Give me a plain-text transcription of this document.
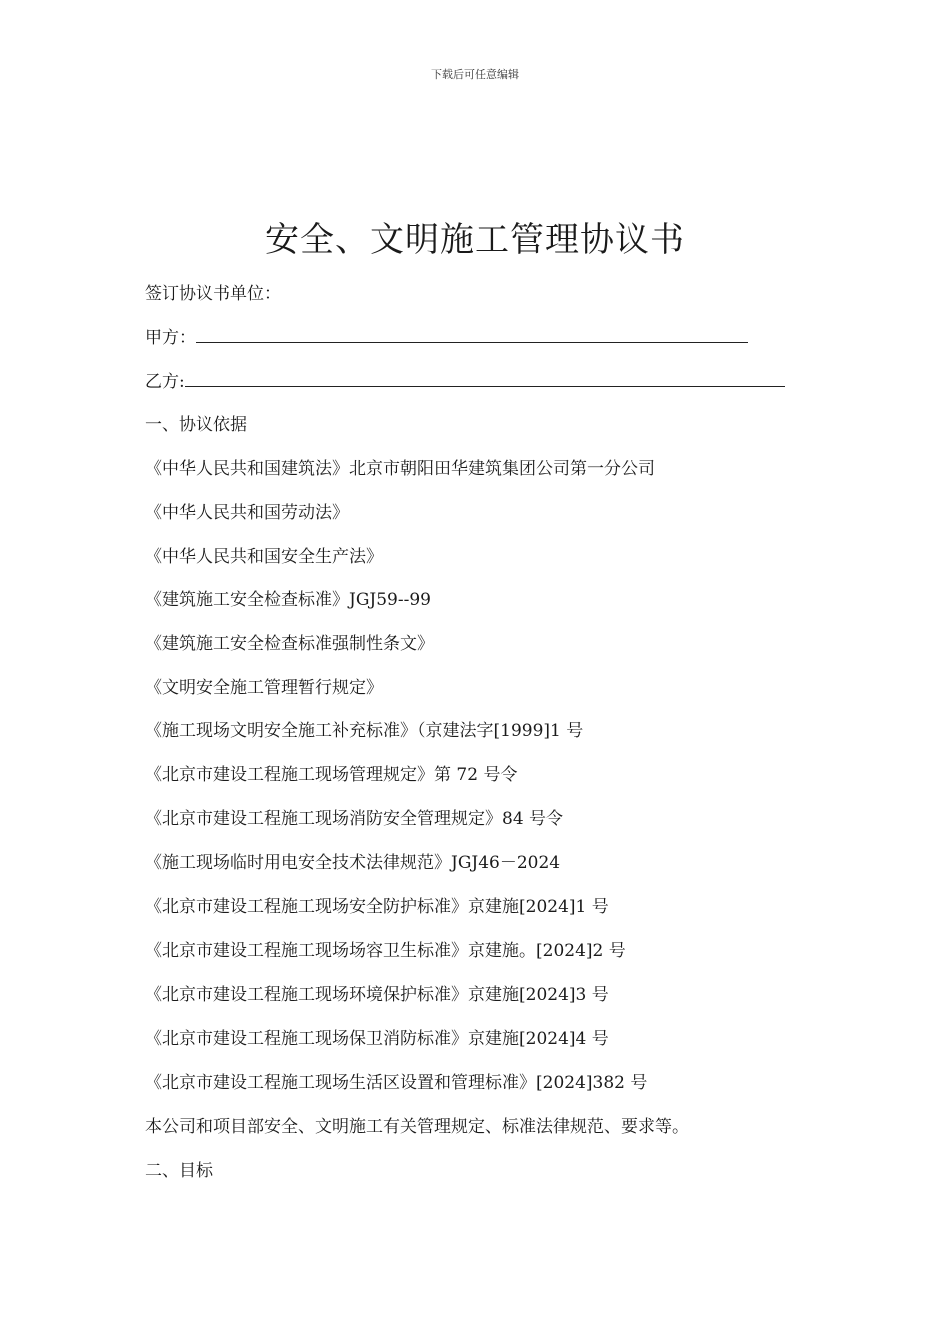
下载后可任意编辑
安全、文明施工管理协议书
签订协议书单位：
甲方：
乙方:
一、协议依据
《中华人民共和国建筑法》北京市朝阳田华建筑集团公司第一分公司
《中华人民共和国劳动法》
《中华人民共和国安全生产法》
《建筑施工安全检查标准》JGJ59--99
《建筑施工安全检查标准强制性条文》
《文明安全施工管理暂行规定》
《施工现场文明安全施工补充标准》（京建法字[1999]1 号
《北京市建设工程施工现场管理规定》第 72 号令
《北京市建设工程施工现场消防安全管理规定》84 号令
《施工现场临时用电安全技术法律规范》JGJ46－2024
《北京市建设工程施工现场安全防护标准》京建施[2024]1 号
《北京市建设工程施工现场场容卫生标准》京建施。[2024]2 号
《北京市建设工程施工现场环境保护标准》京建施[2024]3 号
《北京市建设工程施工现场保卫消防标准》京建施[2024]4 号
《北京市建设工程施工现场生活区设置和管理标准》[2024]382 号
本公司和项目部安全、文明施工有关管理规定、标准法律规范、要求等。
二、目标
